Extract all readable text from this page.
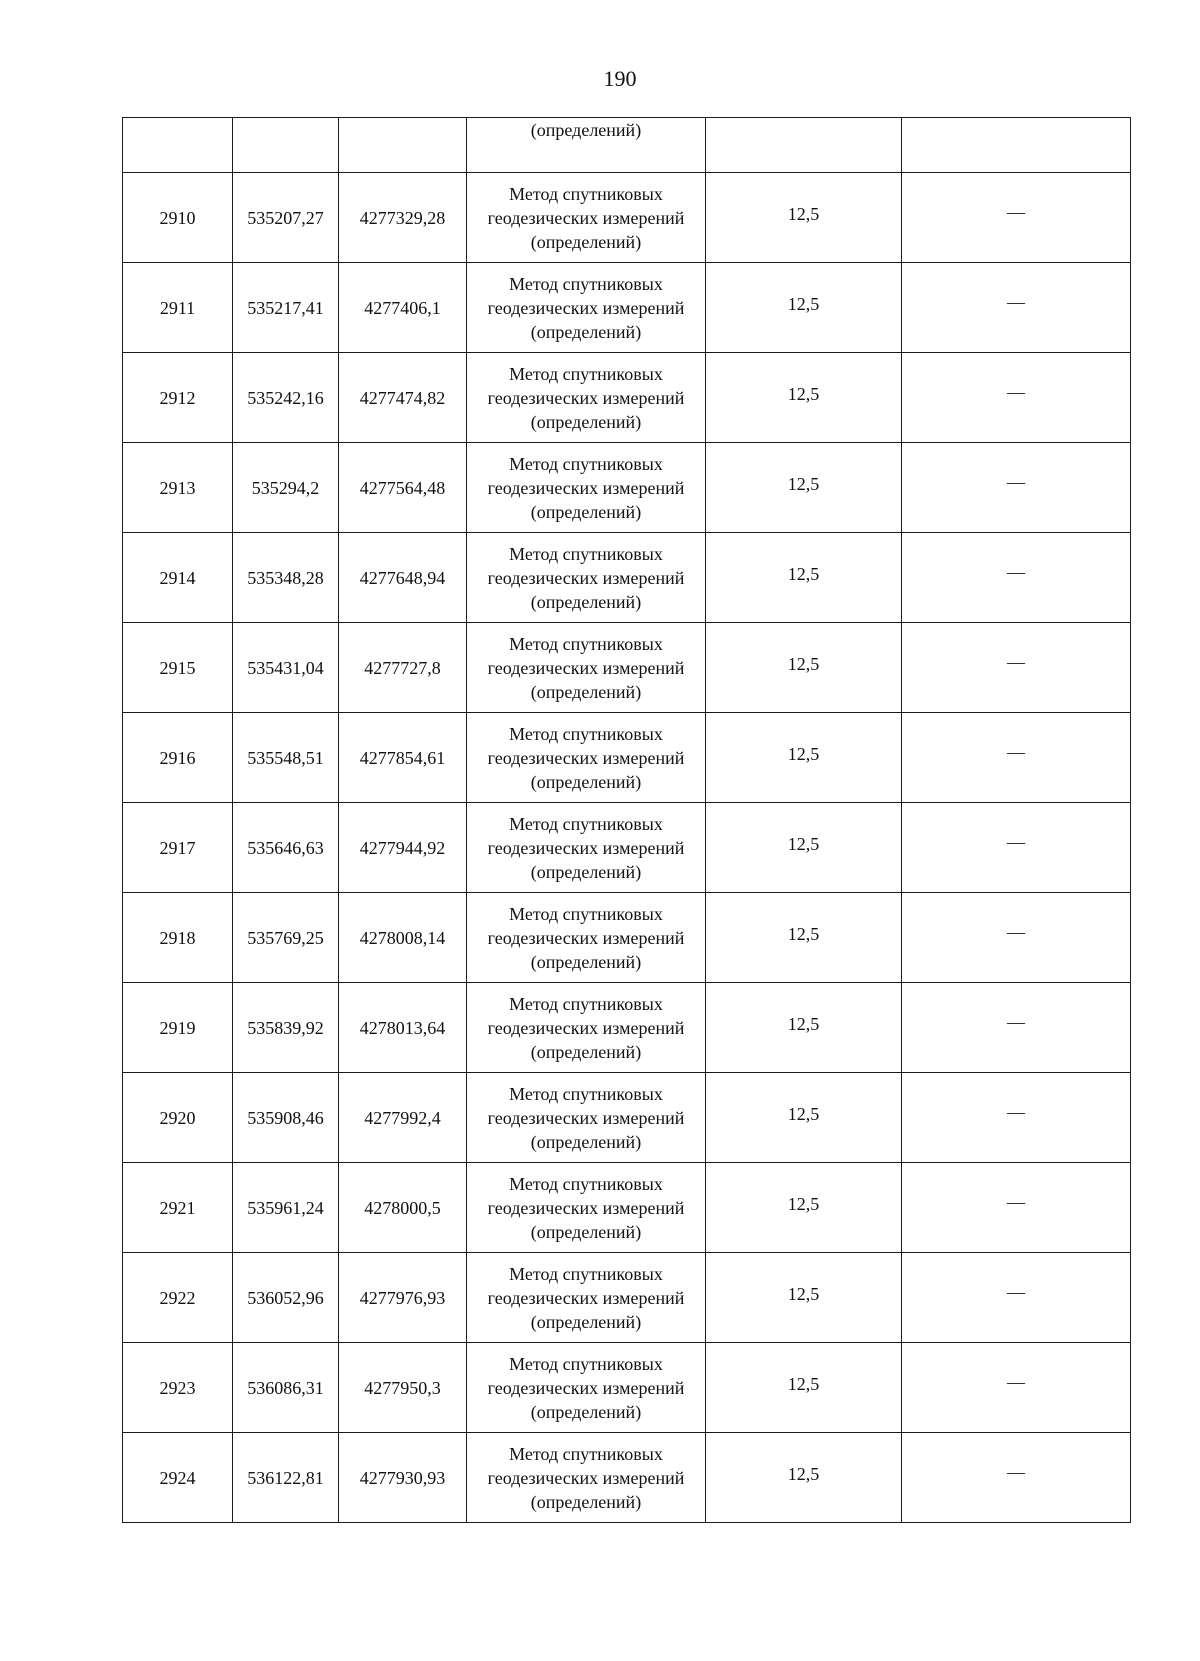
190
			(определений)		
2910	535207,27	4277329,28	Метод спутниковых
геодезических измерений
(определений)	12,5	—
2911	535217,41	4277406,1	Метод спутниковых
геодезических измерений
(определений)	12,5	—
2912	535242,16	4277474,82	Метод спутниковых
геодезических измерений
(определений)	12,5	—
2913	535294,2	4277564,48	Метод спутниковых
геодезических измерений
(определений)	12,5	—
2914	535348,28	4277648,94	Метод спутниковых
геодезических измерений
(определений)	12,5	—
2915	535431,04	4277727,8	Метод спутниковых
геодезических измерений
(определений)	12,5	—
2916	535548,51	4277854,61	Метод спутниковых
геодезических измерений
(определений)	12,5	—
2917	535646,63	4277944,92	Метод спутниковых
геодезических измерений
(определений)	12,5	—
2918	535769,25	4278008,14	Метод спутниковых
геодезических измерений
(определений)	12,5	—
2919	535839,92	4278013,64	Метод спутниковых
геодезических измерений
(определений)	12,5	—
2920	535908,46	4277992,4	Метод спутниковых
геодезических измерений
(определений)	12,5	—
2921	535961,24	4278000,5	Метод спутниковых
геодезических измерений
(определений)	12,5	—
2922	536052,96	4277976,93	Метод спутниковых
геодезических измерений
(определений)	12,5	—
2923	536086,31	4277950,3	Метод спутниковых
геодезических измерений
(определений)	12,5	—
2924	536122,81	4277930,93	Метод спутниковых
геодезических измерений
(определений)	12,5	—
